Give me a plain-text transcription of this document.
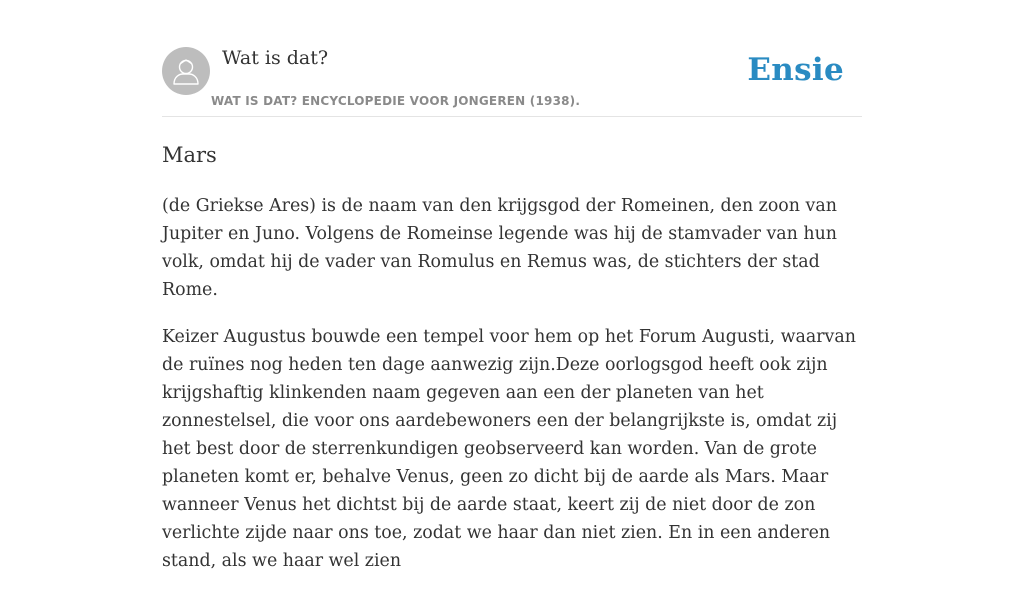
Wat is dat?
WAT IS DAT? ENCYCLOPEDIE VOOR JONGEREN (1938).
Ensie
Mars

(de Griekse Ares) is de naam van den krijgsgod der Romeinen, den zoon van Jupiter en Juno. Volgens de Romeinse legende was hij de stamvader van hun volk, omdat hij de vader van Romulus en Remus was, de stichters der stad Rome.

Keizer Augustus bouwde een tempel voor hem op het Forum Augusti, waarvan de ruïnes nog heden ten dage aanwezig zijn.Deze oorlogsgod heeft ook zijn krijgshaftig klinkenden naam gegeven aan een der planeten van het zonnestelsel, die voor ons aardebewoners een der belangrijkste is, omdat zij het best door de sterrenkundigen geobserveerd kan worden. Van de grote planeten komt er, behalve Venus, geen zo dicht bij de aarde als Mars. Maar wanneer Venus het dichtst bij de aarde staat, keert zij de niet door de zon verlichte zijde naar ons toe, zodat we haar dan niet zien. En in een anderen stand, als we haar wel zien
